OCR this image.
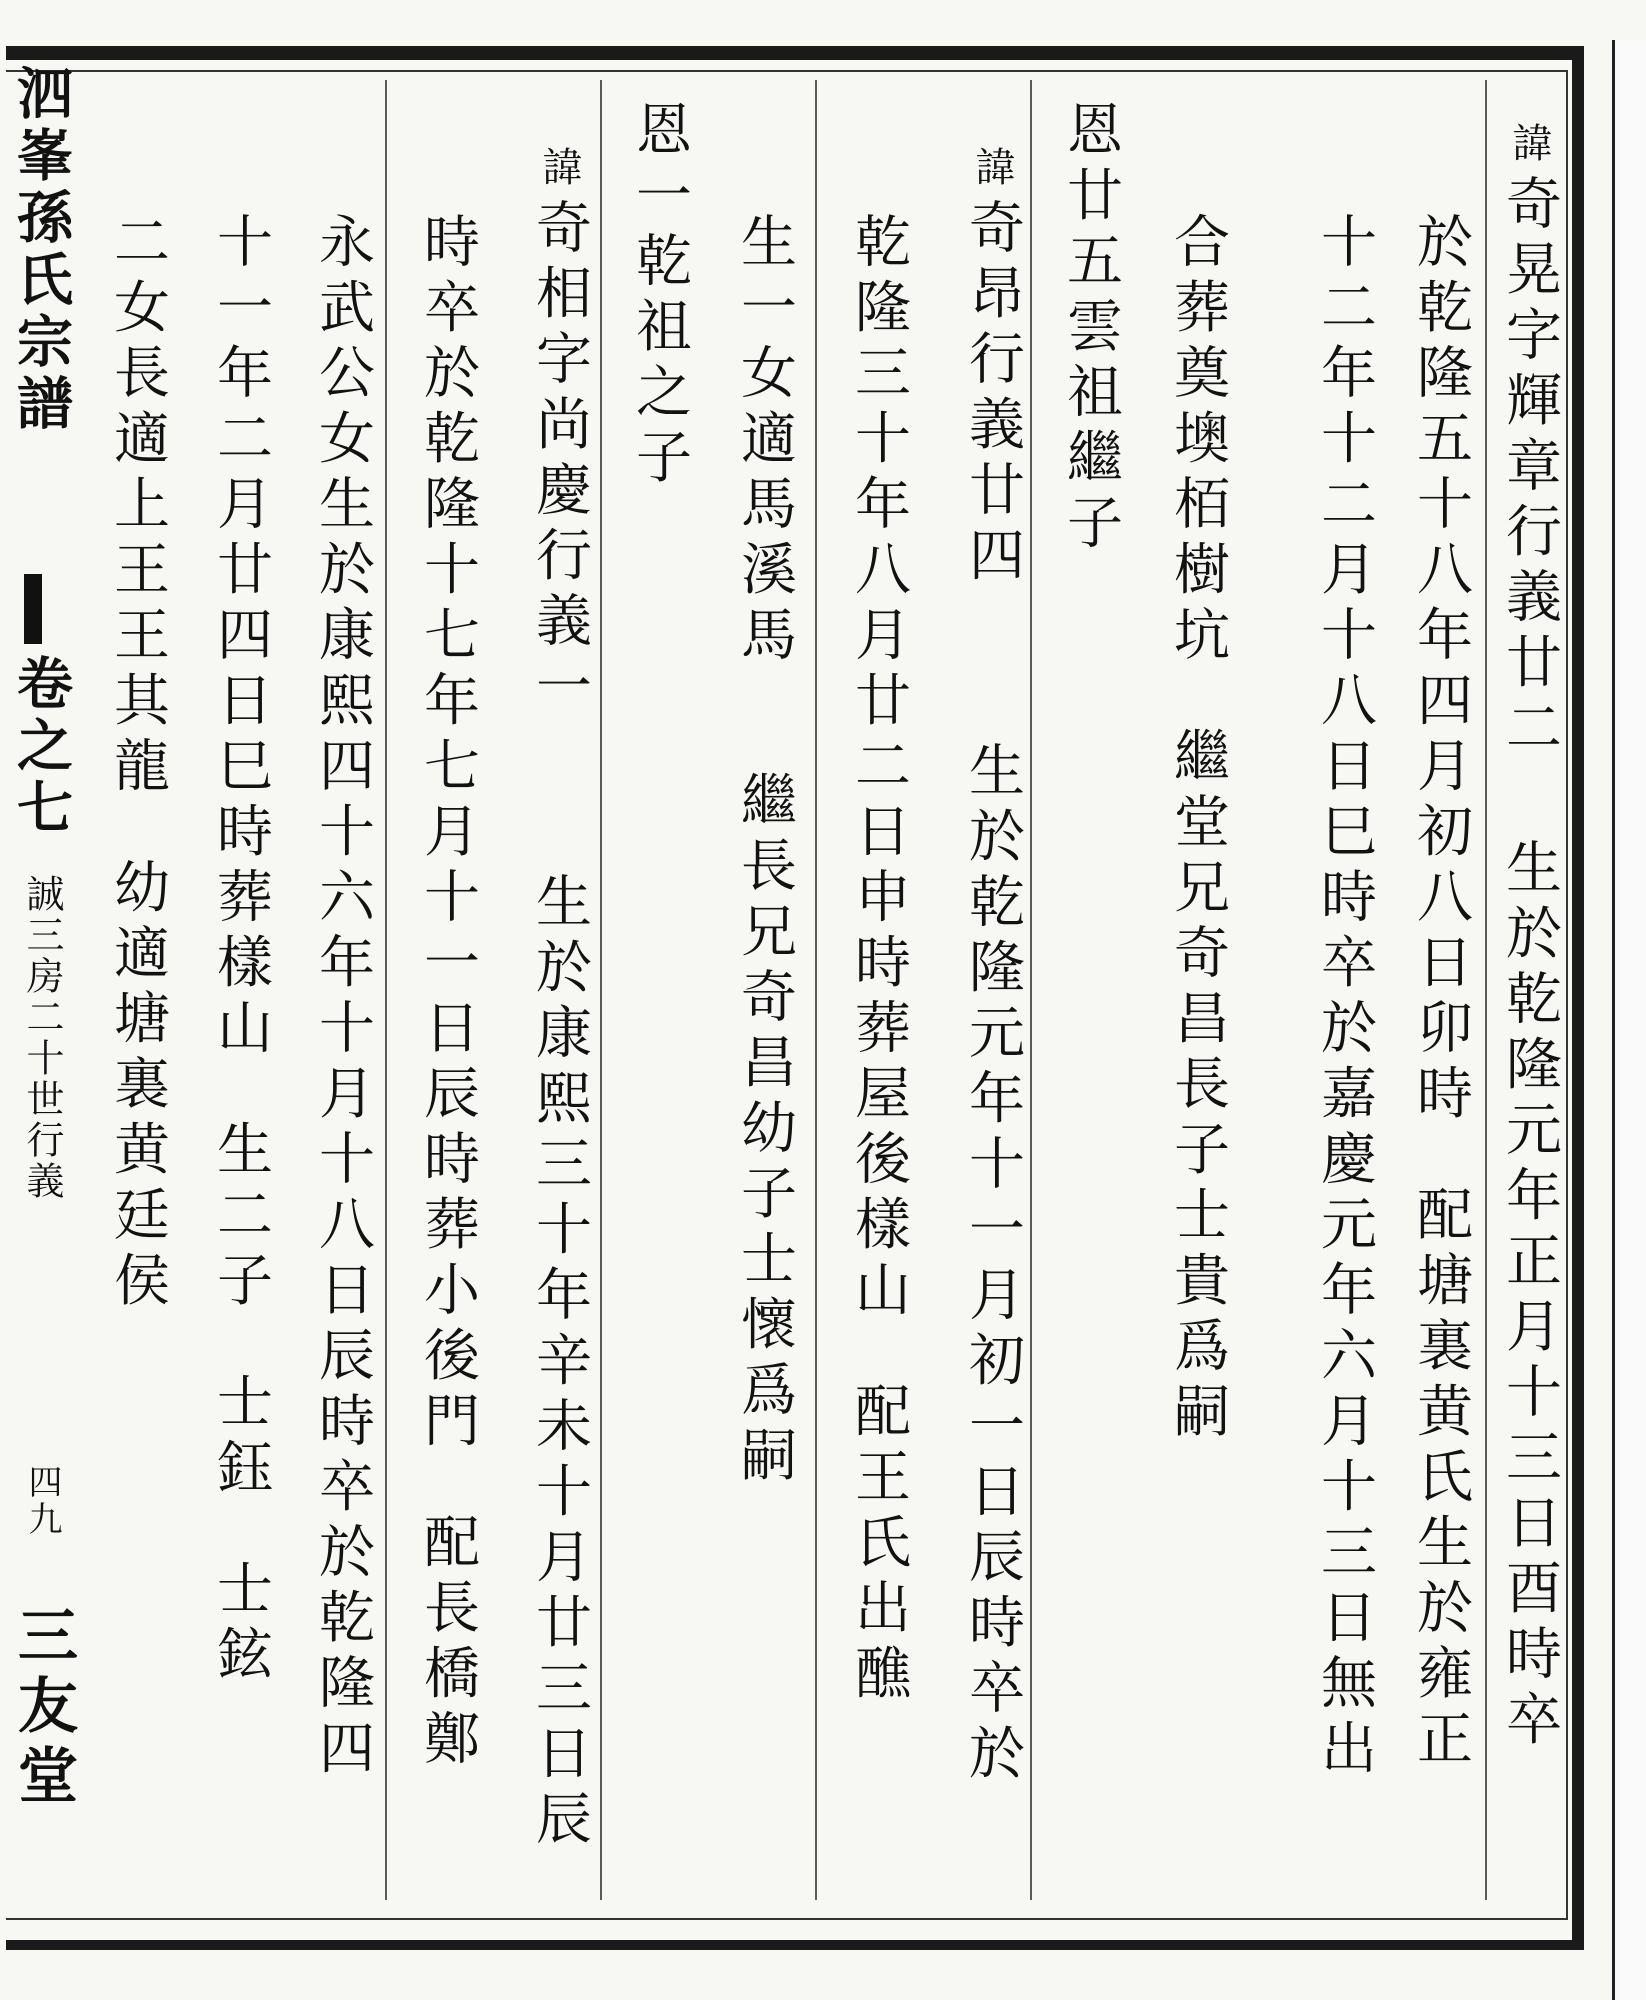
泗峯孫氏宗譜
卷之七
誠三房二十世行義
四九
三友堂
諱奇晃字輝章行義廿二 生於乾隆元年正月十三日酉時卒
於乾隆五十八年四月初八日卯時配塘裏黄氏生於雍正
十二年十二月十八日巳時卒於嘉慶元年六月十三日無出
合葬奠墺栢樹坑繼堂兄奇昌長子士貴爲嗣
恩廿五雲祖繼子
諱奇昂行義廿四生於乾隆元年十一月初一日辰時卒於
乾隆三十年八月廿二日申時葬屋後樣山配王氏出醮
生一女適馬溪馬繼長兄奇昌幼子士懷爲嗣
恩一乾祖之子
諱奇相字尚慶行義一生於康熙三十年辛未十月廿三日辰
時卒於乾隆十七年七月十一日辰時葬小後門配長橋鄭
永武公女生於康熙四十六年十月十八日辰時卒於乾隆四
十一年二月廿四日巳時葬樣山生二子士鈺士鉉
二女長適上王王其龍幼適塘裏黄廷侯
